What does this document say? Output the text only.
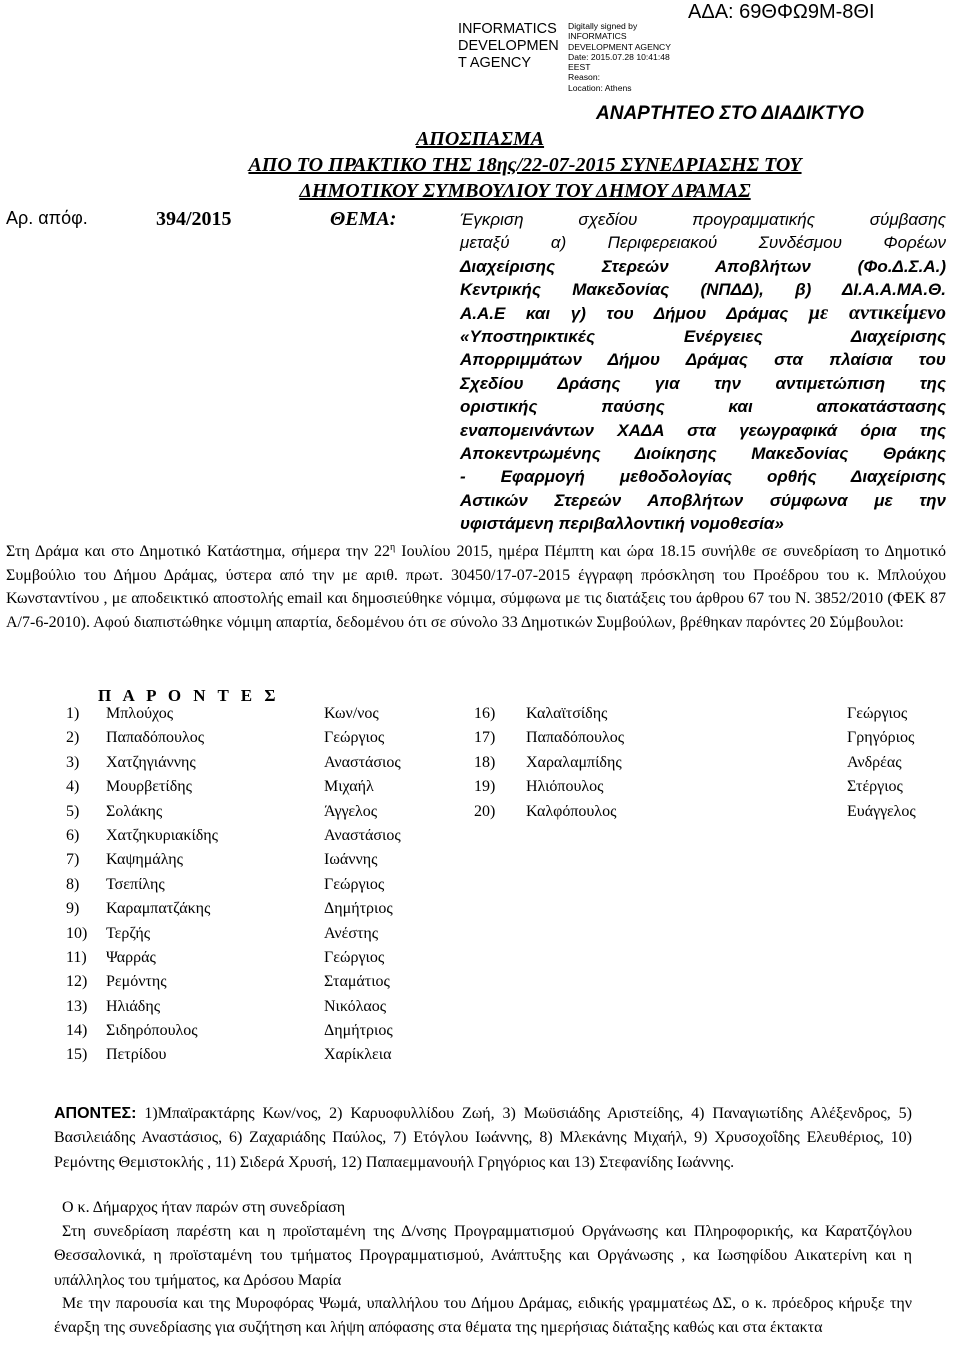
INFORMATICS
DEVELOPMEN
T AGENCY
Digitally signed by
INFORMATICS
DEVELOPMENT AGENCY
Date: 2015.07.28 10:41:48
EEST
Reason:
Location: Athens
ΑΔΑ: 69ΘΦΩ9Μ-8ΘΙ
ΑΝΑΡΤΗΤΕΟ ΣΤΟ ΔΙΑΔΙΚΤΥΟ
ΑΠΟΣΠΑΣΜΑ
ΑΠΟ ΤΟ ΠΡΑΚΤΙΚΟ ΤΗΣ 18ης/22-07-2015 ΣΥΝΕΔΡΙΑΣΗΣ ΤΟΥ
ΔΗΜΟΤΙΚΟΥ ΣΥΜΒΟΥΛΙΟΥ ΤΟΥ ΔΗΜΟΥ ΔΡΑΜΑΣ
Αρ. απόφ.	394/2015	ΘΕΜΑ:	Έγκριση σχεδίου προγραμματικής σύμβασης
μεταξύ α) Περιφερειακού Συνδέσμου Φορέων
Διαχείρισης Στερεών Αποβλήτων (Φο.Δ.Σ.Α.)
Κεντρικής Μακεδονίας (ΝΠΔΔ), β) ΔΙ.Α.Α.ΜΑ.Θ.
Α.Α.Ε και γ) του Δήμου Δράμας με αντικείμενο
«Υποστηρικτικές Ενέργειες Διαχείρισης
Απορριμμάτων Δήμου Δράμας στα πλαίσια του
Σχεδίου Δράσης για την αντιμετώπιση της
οριστικής παύσης και αποκατάστασης
εναπομεινάντων ΧΑΔΑ στα γεωγραφικά όρια της
Αποκεντρωμένης Διοίκησης Μακεδονίας Θράκης
- Εφαρμογή μεθοδολογίας ορθής Διαχείρισης
Αστικών Στερεών Αποβλήτων σύμφωνα με την
υφιστάμενη περιβαλλοντική νομοθεσία»
Στη Δράμα και στο Δημοτικό Κατάστημα, σήμερα την $22^\eta$ Ιουλίου 2015, ημέρα Πέμπτη και ώρα 18.15 συνήλθε σε συνεδρίαση το Δημοτικό Συμβούλιο του Δήμου Δράμας, ύστερα από την με αριθ. πρωτ. 30450/17-07-2015 έγγραφη πρόσκληση του Προέδρου του κ. Μπλούχου Κωνσταντίνου , με αποδεικτικό αποστολής email και δημοσιεύθηκε νόμιμα, σύμφωνα με τις διατάξεις του άρθρου 67 του Ν. 3852/2010 (ΦΕΚ 87 Α/7-6-2010). Αφού διαπιστώθηκε νόμιμη απαρτία, δεδομένου ότι σε σύνολο 33 Δημοτικών Συμβούλων, βρέθηκαν παρόντες 20 Σύμβουλοι:
Π Α Ρ Ο Ν Τ Ε Σ
1) Μπλούχος	Κων/νος
2) Παπαδόπουλος	Γεώργιος
3) Χατζηγιάννης	Αναστάσιος
4) Μουρβετίδης	Μιχαήλ
5) Σολάκης	Άγγελος
6) Χατζηκυριακίδης	Αναστάσιος
7) Καψημάλης	Ιωάννης
8) Τσεπίλης	Γεώργιος
9) Καραμπατζάκης	Δημήτριος
10) Τερζής	Ανέστης
11) Ψαρράς	Γεώργιος
12) Ρεμόντης	Σταμάτιος
13) Ηλιάδης	Νικόλαος
14) Σιδηρόπουλος	Δημήτριος
15) Πετρίδου	Χαρίκλεια
16) Καλαϊτσίδης	Γεώργιος
17) Παπαδόπουλος	Γρηγόριος
18) Χαραλαμπίδης	Ανδρέας
19) Ηλιόπουλος	Στέργιος
20) Καλφόπουλος	Ευάγγελος
ΑΠΟΝΤΕΣ: 1)Μπαϊρακτάρης Κων/νος, 2) Καρυοφυλλίδου Ζωή, 3) Μωϋσιάδης Αριστείδης, 4) Παναγιωτίδης Αλέξενδρος, 5) Βασιλειάδης Αναστάσιος, 6) Ζαχαριάδης Παύλος, 7) Ετόγλου Ιωάννης, 8) Μλεκάνης Μιχαήλ, 9) Χρυσοχοΐδης Ελευθέριος, 10) Ρεμόντης Θεμιστοκλής , 11) Σιδερά Χρυσή, 12) Παπαεμμανουήλ Γρηγόριος και 13) Στεφανίδης Ιωάννης.
Ο κ. Δήμαρχος ήταν παρών στη συνεδρίαση
Στη συνεδρίαση παρέστη και η προϊσταμένη της Δ/νσης Προγραμματισμού Οργάνωσης και Πληροφορικής, κα Καρατζόγλου Θεσσαλονικά, η προϊσταμένη του τμήματος Προγραμματισμού, Ανάπτυξης και Οργάνωσης , κα Ιωσηφίδου Αικατερίνη και η υπάλληλος του τμήματος, κα Δρόσου Μαρία
Με την παρουσία και της Μυροφόρας Ψωμά, υπαλλήλου του Δήμου Δράμας, ειδικής γραμματέως ΔΣ, ο κ. πρόεδρος κήρυξε την έναρξη της συνεδρίασης για συζήτηση και λήψη απόφασης στα θέματα της ημερήσιας διάταξης καθώς και στα έκτακτα
